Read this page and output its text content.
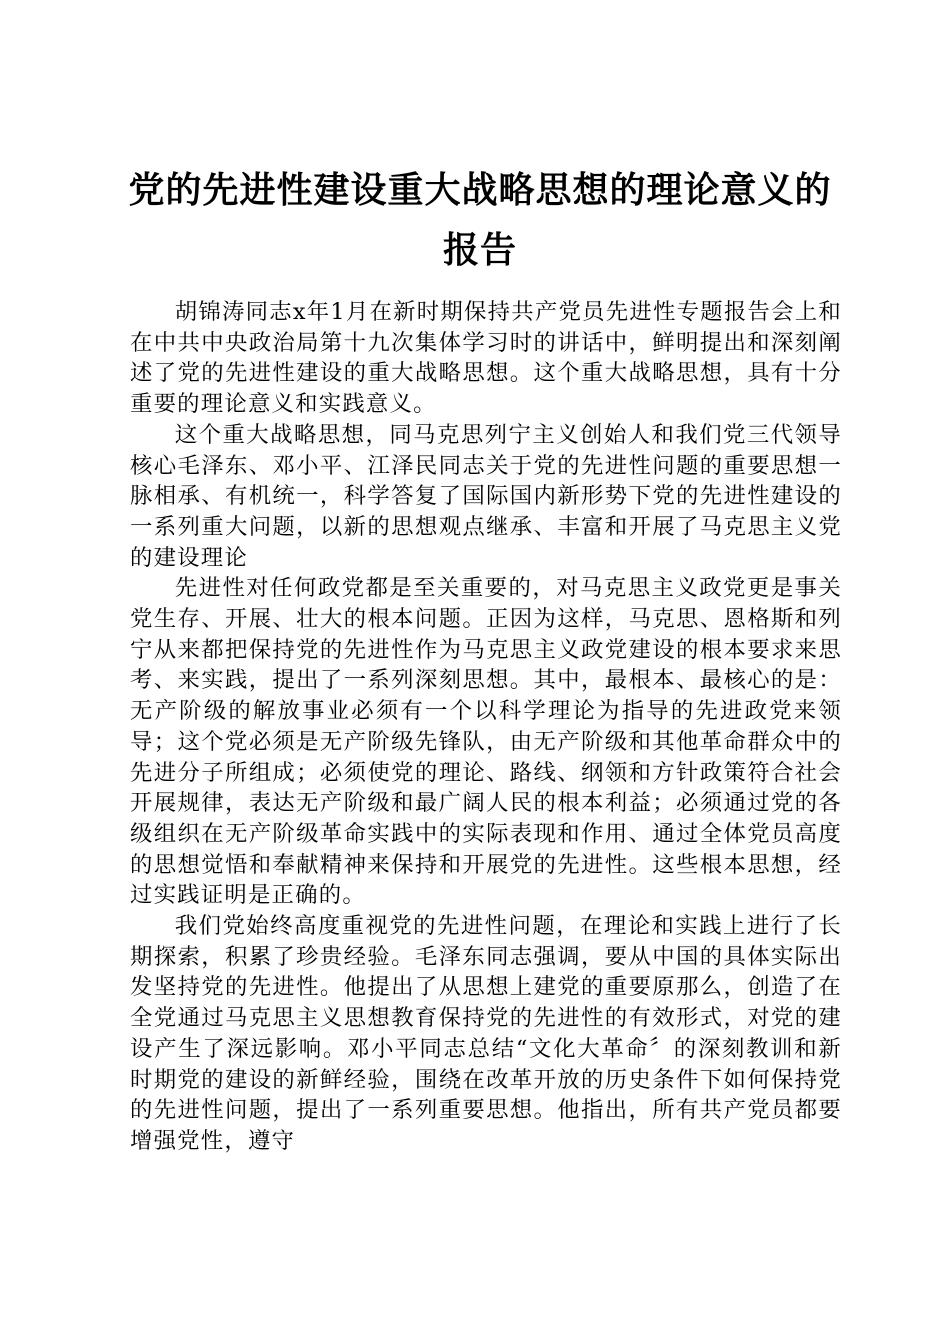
党的先进性建设重大战略思想的理论意义的报告

胡锦涛同志x年1月在新时期保持共产党员先进性专题报告会上和在中共中央政治局第十九次集体学习时的讲话中，鲜明提出和深刻阐述了党的先进性建设的重大战略思想。这个重大战略思想，具有十分重要的理论意义和实践意义。

这个重大战略思想，同马克思列宁主义创始人和我们党三代领导核心毛泽东、邓小平、江泽民同志关于党的先进性问题的重要思想一脉相承、有机统一，科学答复了国际国内新形势下党的先进性建设的一系列重大问题，以新的思想观点继承、丰富和开展了马克思主义党的建设理论

先进性对任何政党都是至关重要的，对马克思主义政党更是事关党生存、开展、壮大的根本问题。正因为这样，马克思、恩格斯和列宁从来都把保持党的先进性作为马克思主义政党建设的根本要求来思考、来实践，提出了一系列深刻思想。其中，最根本、最核心的是：无产阶级的解放事业必须有一个以科学理论为指导的先进政党来领导；这个党必须是无产阶级先锋队，由无产阶级和其他革命群众中的先进分子所组成；必须使党的理论、路线、纲领和方针政策符合社会开展规律，表达无产阶级和最广阔人民的根本利益；必须通过党的各级组织在无产阶级革命实践中的实际表现和作用、通过全体党员高度的思想觉悟和奉献精神来保持和开展党的先进性。这些根本思想，经过实践证明是正确的。

我们党始终高度重视党的先进性问题，在理论和实践上进行了长期探索，积累了珍贵经验。毛泽东同志强调，要从中国的具体实际出发坚持党的先进性。他提出了从思想上建党的重要原那么，创造了在全党通过马克思主义思想教育保持党的先进性的有效形式，对党的建设产生了深远影响。邓小平同志总结“文化大革命〞的深刻教训和新时期党的建设的新鲜经验，围绕在改革开放的历史条件下如何保持党的先进性问题，提出了一系列重要思想。他指出，所有共产党员都要增强党性，遵守
